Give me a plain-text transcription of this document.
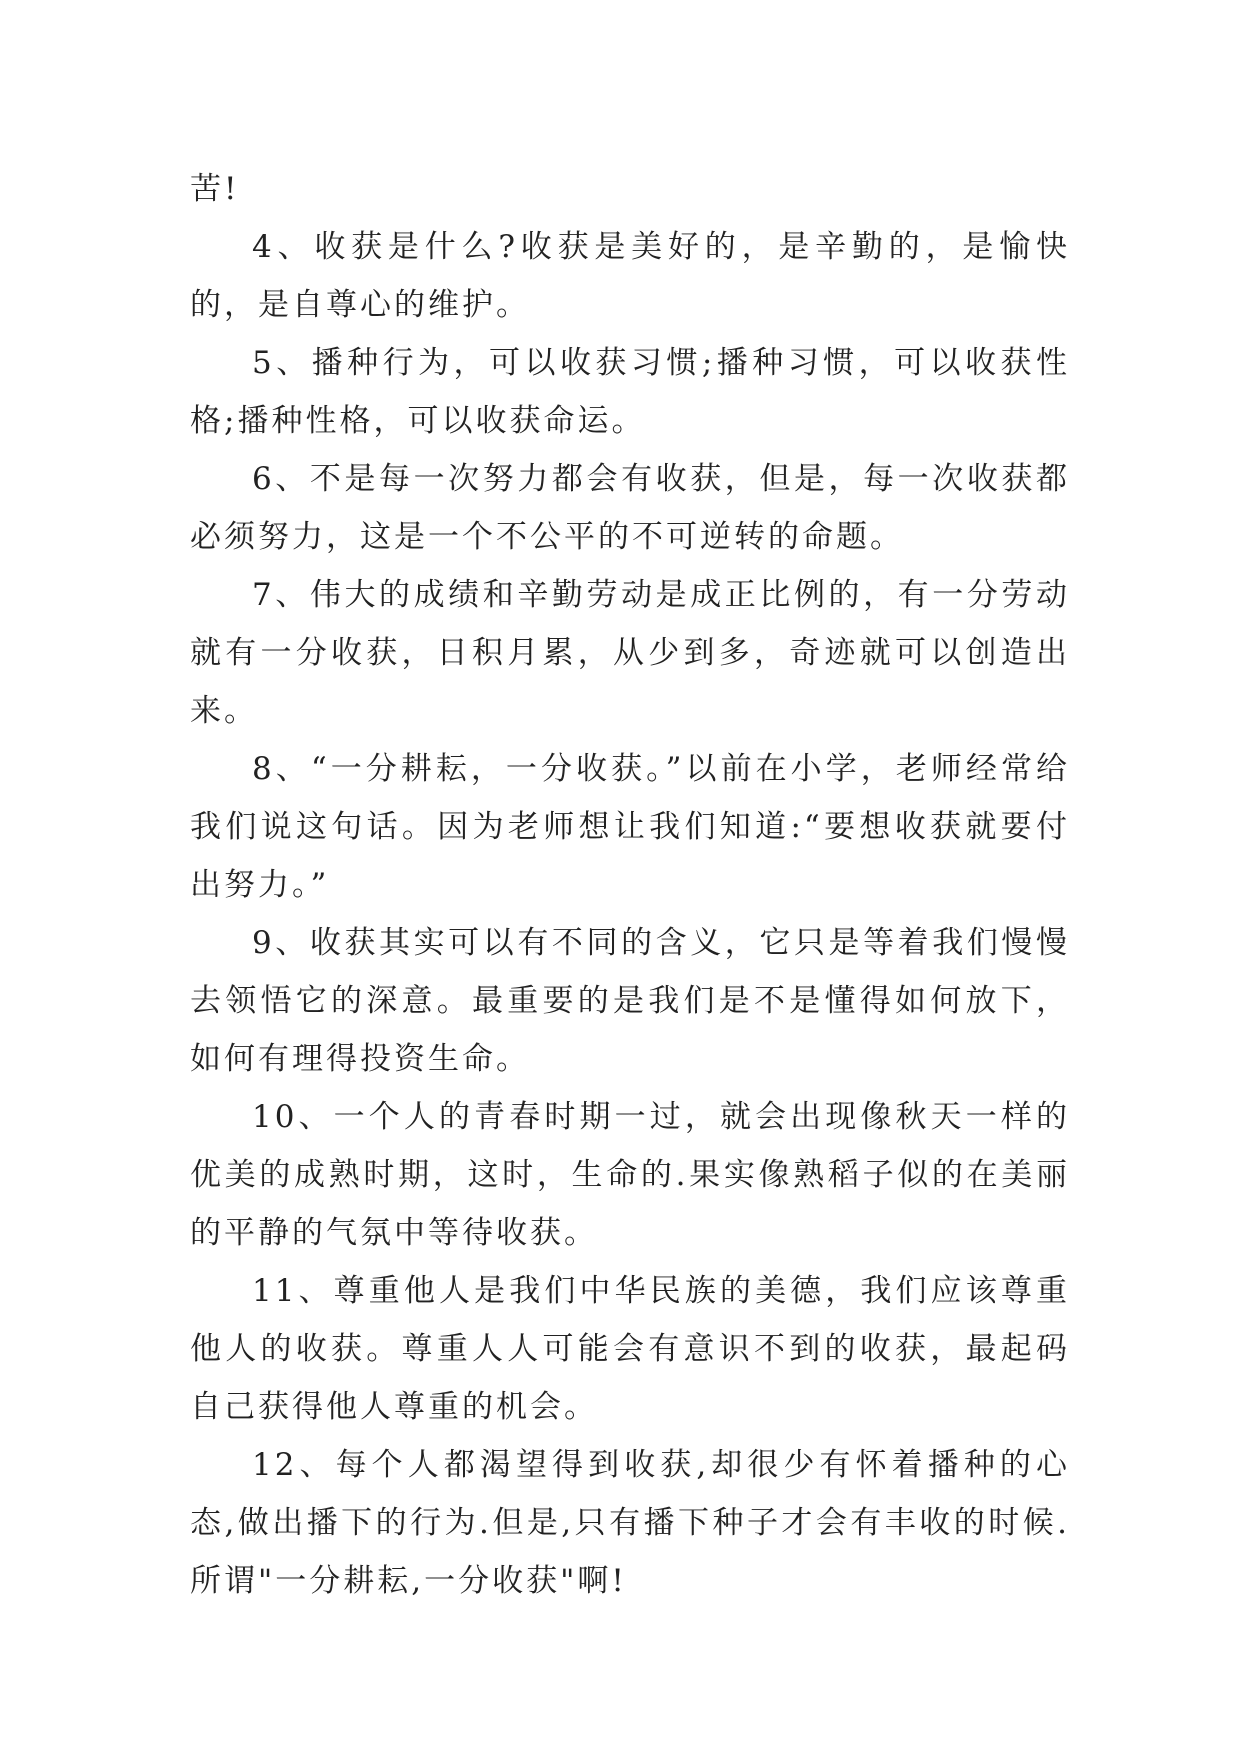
苦!

4、收获是什么?收获是美好的，是辛勤的，是愉快的，是自尊心的维护。

5、播种行为，可以收获习惯;播种习惯，可以收获性格;播种性格，可以收获命运。

6、不是每一次努力都会有收获，但是，每一次收获都必须努力，这是一个不公平的不可逆转的命题。

7、伟大的成绩和辛勤劳动是成正比例的，有一分劳动就有一分收获，日积月累，从少到多，奇迹就可以创造出来。

8、“一分耕耘，一分收获。”以前在小学，老师经常给我们说这句话。因为老师想让我们知道:“要想收获就要付出努力。”

9、收获其实可以有不同的含义，它只是等着我们慢慢去领悟它的深意。最重要的是我们是不是懂得如何放下，如何有理得投资生命。

10、一个人的青春时期一过，就会出现像秋天一样的优美的成熟时期，这时，生命的.果实像熟稻子似的在美丽的平静的气氛中等待收获。

11、尊重他人是我们中华民族的美德，我们应该尊重他人的收获。尊重人人可能会有意识不到的收获，最起码自己获得他人尊重的机会。

12、每个人都渴望得到收获,却很少有怀着播种的心态,做出播下的行为.但是,只有播下种子才会有丰收的时候.所谓"一分耕耘,一分收获"啊!
